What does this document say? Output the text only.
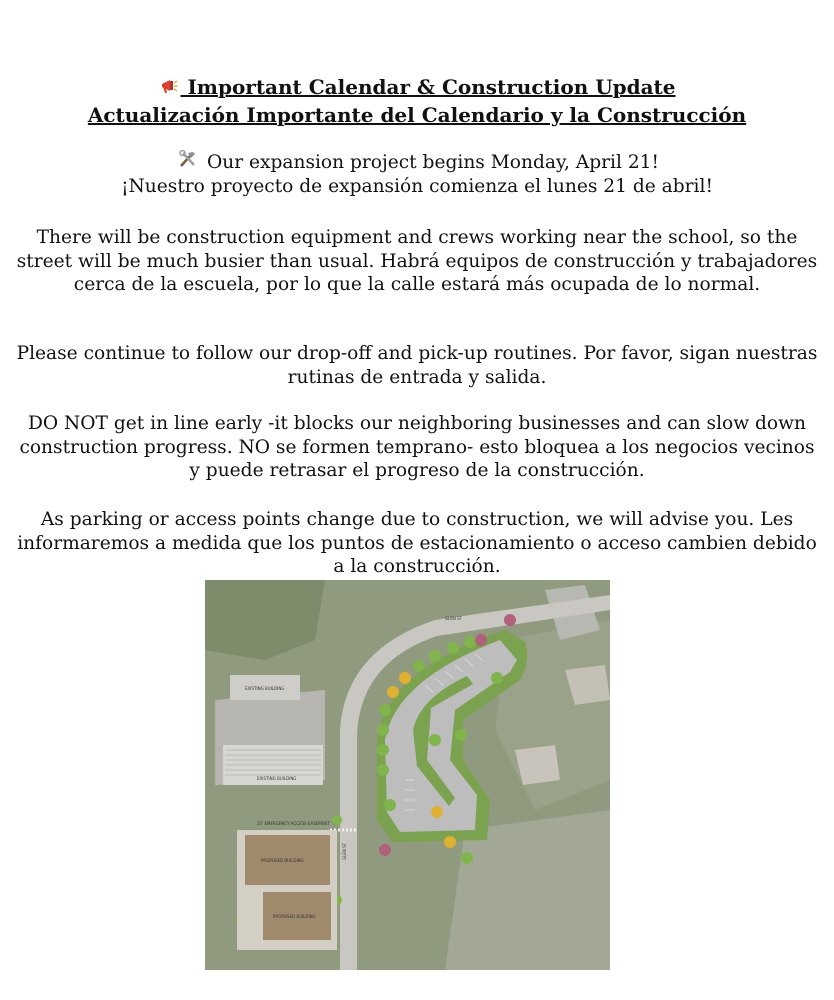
Important Calendar & Construction Update

Actualización Importante del Calendario y la Construcción

Our expansion project begins Monday, April 21!
¡Nuestro proyecto de expansión comienza el lunes 21 de abril!

There will be construction equipment and crews working near the school, so the street will be much busier than usual. Habrá equipos de construcción y trabajadores cerca de la escuela, por lo que la calle estará más ocupada de lo normal.

Please continue to follow our drop-off and pick-up routines. Por favor, sigan nuestras rutinas de entrada y salida.

DO NOT get in line early -it blocks our neighboring businesses and can slow down construction progress. NO se formen temprano- esto bloquea a los negocios vecinos y puede retrasar el progreso de la construcción.

As parking or access points change due to construction, we will advise you. Les informaremos a medida que los puntos de estacionamiento o acceso cambien debido a la construcción.

EXISTING BUILDING
EXISTING BUILDING
GLEN ST
GLEN ST
PROPOSED BUILDING
PROPOSED BUILDING
25' EMERGENCY ACCESS EASEMENT
